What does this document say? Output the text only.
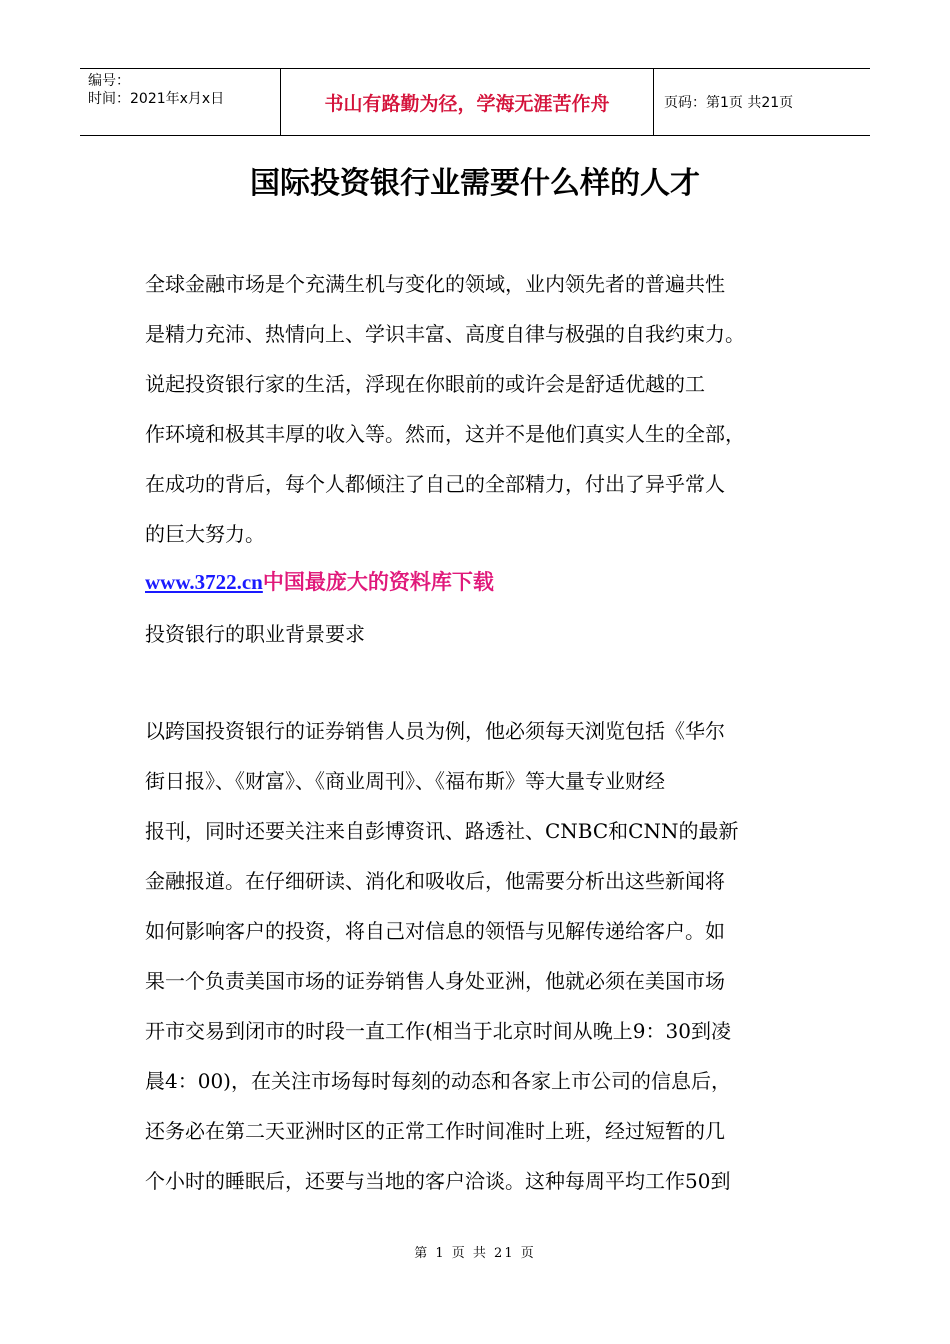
编号：
时间：2021年x月x日	书山有路勤为径，学海无涯苦作舟	页码：第1页 共21页
国际投资银行业需要什么样的人才
全球金融市场是个充满生机与变化的领域，业内领先者的普遍共性
是精力充沛、热情向上、学识丰富、高度自律与极强的自我约束力。
说起投资银行家的生活，浮现在你眼前的或许会是舒适优越的工
作环境和极其丰厚的收入等。然而，这并不是他们真实人生的全部，
在成功的背后，每个人都倾注了自己的全部精力，付出了异乎常人
的巨大努力。
www.3722.cn中国最庞大的资料库下载
投资银行的职业背景要求
以跨国投资银行的证券销售人员为例，他必须每天浏览包括《华尔
街日报》、《财富》、《商业周刊》、《福布斯》等大量专业财经
报刊，同时还要关注来自彭博资讯、路透社、CNBC和CNN的最新
金融报道。在仔细研读、消化和吸收后，他需要分析出这些新闻将
如何影响客户的投资，将自己对信息的领悟与见解传递给客户。如
果一个负责美国市场的证券销售人身处亚洲，他就必须在美国市场
开市交易到闭市的时段一直工作(相当于北京时间从晚上9：30到凌
晨4：00)，在关注市场每时每刻的动态和各家上市公司的信息后，
还务必在第二天亚洲时区的正常工作时间准时上班，经过短暂的几
个小时的睡眠后，还要与当地的客户洽谈。这种每周平均工作50到
第 1 页 共 21 页
